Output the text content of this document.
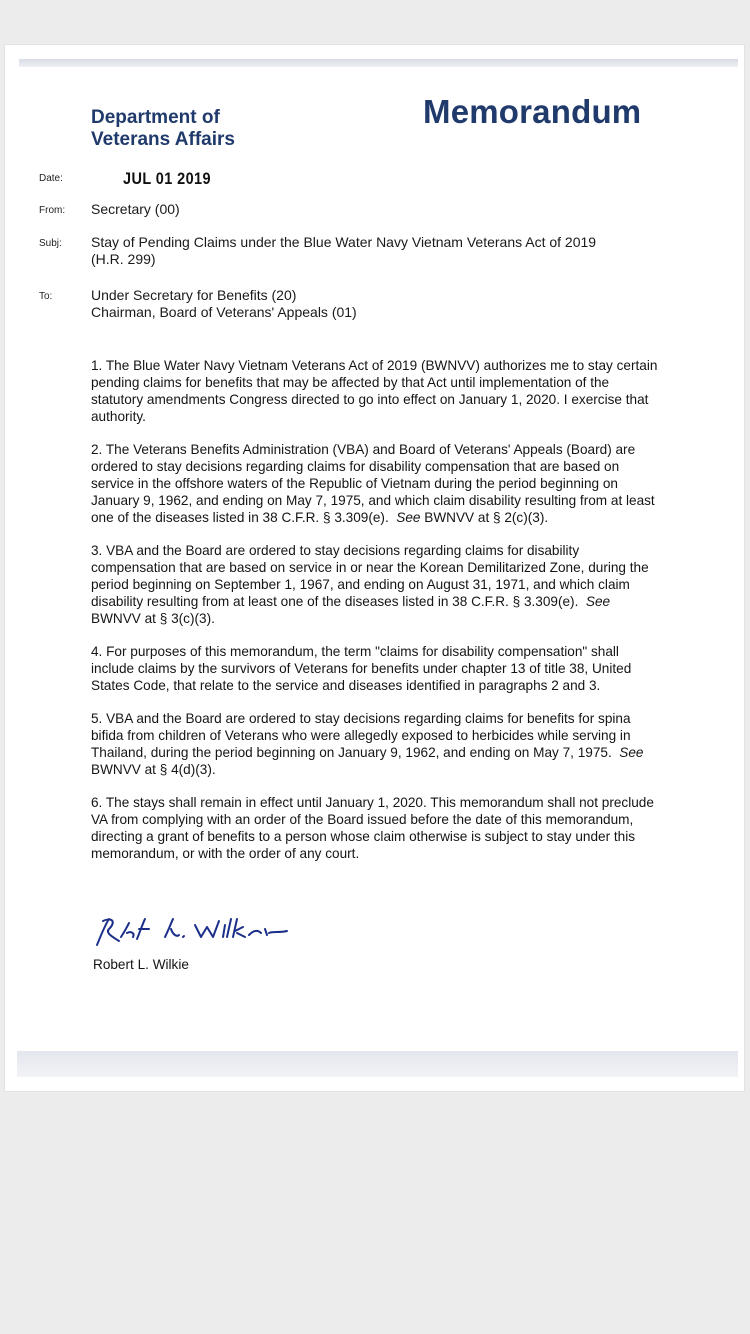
Department of
Veterans Affairs
Memorandum
Date:	JUL 01 2019
From: Secretary (00)
Subj: Stay of Pending Claims under the Blue Water Navy Vietnam Veterans Act of 2019
(H.R. 299)
To:	Under Secretary for Benefits (20)
Chairman, Board of Veterans' Appeals (01)

1. The Blue Water Navy Vietnam Veterans Act of 2019 (BWNVV) authorizes me to stay certain pending claims for benefits that may be affected by that Act until implementation of the statutory amendments Congress directed to go into effect on January 1, 2020. I exercise that authority.

2. The Veterans Benefits Administration (VBA) and Board of Veterans' Appeals (Board) are ordered to stay decisions regarding claims for disability compensation that are based on service in the offshore waters of the Republic of Vietnam during the period beginning on January 9, 1962, and ending on May 7, 1975, and which claim disability resulting from at least one of the diseases listed in 38 C.F.R. § 3.309(e). See BWNVV at § 2(c)(3).

3. VBA and the Board are ordered to stay decisions regarding claims for disability compensation that are based on service in or near the Korean Demilitarized Zone, during the period beginning on September 1, 1967, and ending on August 31, 1971, and which claim disability resulting from at least one of the diseases listed in 38 C.F.R. § 3.309(e). See BWNVV at § 3(c)(3).

4. For purposes of this memorandum, the term "claims for disability compensation" shall include claims by the survivors of Veterans for benefits under chapter 13 of title 38, United States Code, that relate to the service and diseases identified in paragraphs 2 and 3.

5. VBA and the Board are ordered to stay decisions regarding claims for benefits for spina bifida from children of Veterans who were allegedly exposed to herbicides while serving in Thailand, during the period beginning on January 9, 1962, and ending on May 7, 1975. See BWNVV at § 4(d)(3).

6. The stays shall remain in effect until January 1, 2020. This memorandum shall not preclude VA from complying with an order of the Board issued before the date of this memorandum, directing a grant of benefits to a person whose claim otherwise is subject to stay under this memorandum, or with the order of any court.

Robert L. Wilkie
